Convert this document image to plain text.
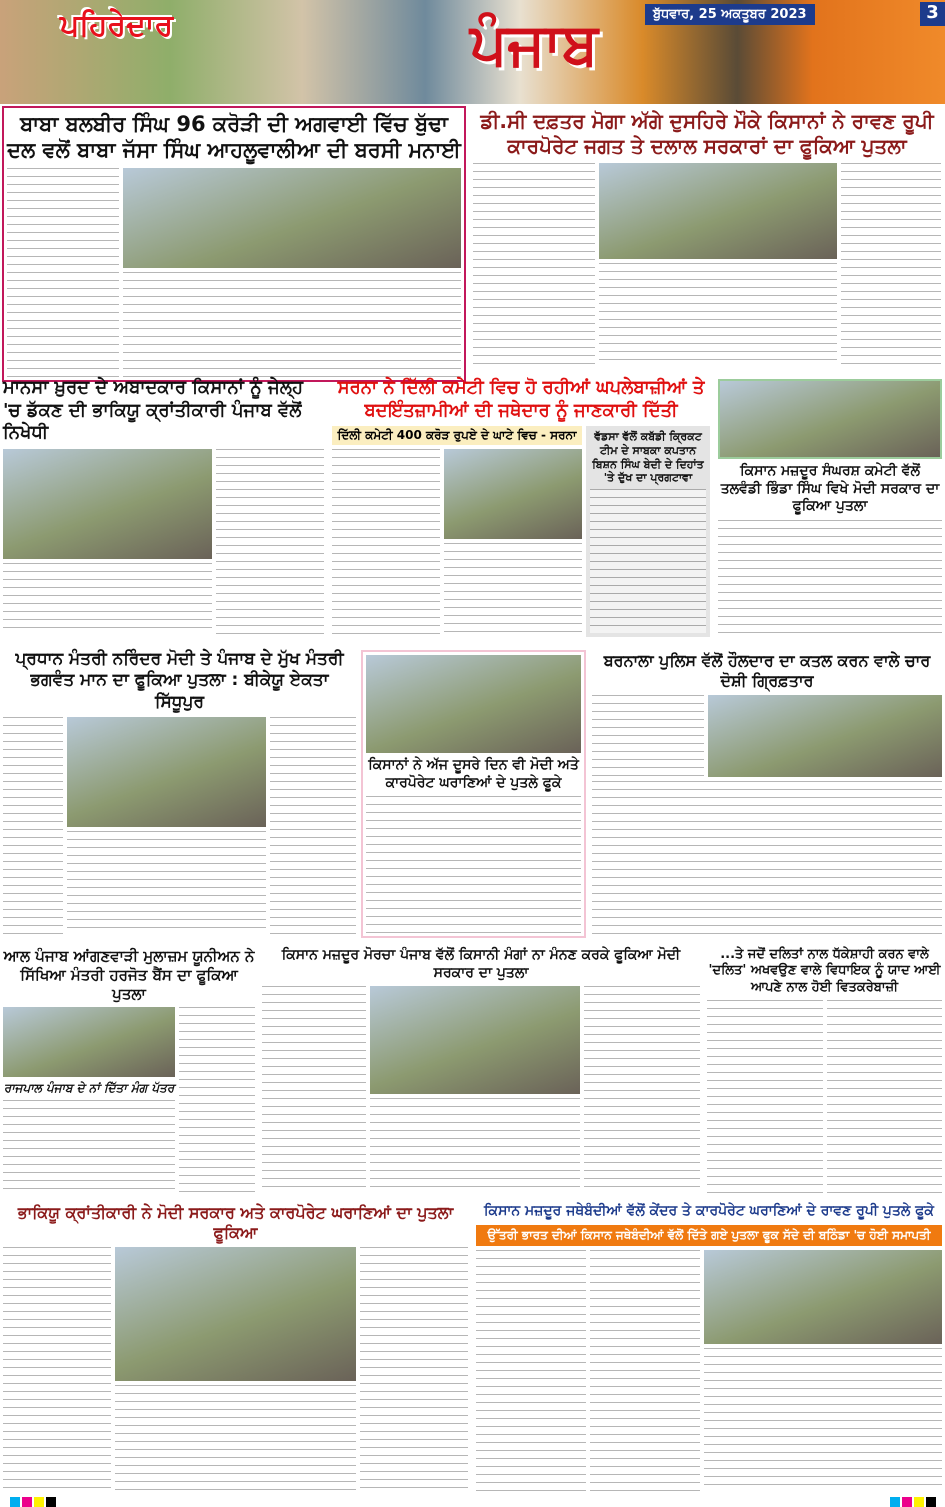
ਪਹਿਰੇਦਾਰ	ਪੰਜਾਬ	ਬੁੱਧਵਾਰ, 25 ਅਕਤੂਬਰ 2023	3
ਬਾਬਾ ਬਲਬੀਰ ਸਿੰਘ 96 ਕਰੋੜੀ ਦੀ ਅਗਵਾਈ ਵਿੱਚ ਬੁੱਢਾ ਦਲ ਵਲੋਂ ਬਾਬਾ ਜੱਸਾ ਸਿੰਘ ਆਹਲੂਵਾਲੀਆ ਦੀ ਬਰਸੀ ਮਨਾਈ
ਡੀ.ਸੀ ਦਫ਼ਤਰ ਮੋਗਾ ਅੱਗੇ ਦੁਸਹਿਰੇ ਮੌਕੇ ਕਿਸਾਨਾਂ ਨੇ ਰਾਵਣ ਰੂਪੀ ਕਾਰਪੋਰੇਟ ਜਗਤ ਤੇ ਦਲਾਲ ਸਰਕਾਰਾਂ ਦਾ ਫੂਕਿਆ ਪੁਤਲਾ
ਮਾਨਸਾ ਖ਼ੁਰਦ ਦੇ ਅਬਾਦਕਾਰ ਕਿਸਾਨਾਂ ਨੂੰ ਜੇਲ੍ਹ 'ਚ ਡੱਕਣ ਦੀ ਭਾਕਿਯੂ ਕ੍ਰਾਂਤੀਕਾਰੀ ਪੰਜਾਬ ਵੱਲੋਂ ਨਿਖੇਧੀ
ਸਰਨਾ ਨੇ ਦਿੱਲੀ ਕਮੇਟੀ ਵਿਚ ਹੋ ਰਹੀਆਂ ਘਪਲੇਬਾਜ਼ੀਆਂ ਤੇ ਬਦਇੰਤਜ਼ਾਮੀਆਂ ਦੀ ਜਥੇਦਾਰ ਨੂੰ ਜਾਣਕਾਰੀ ਦਿੱਤੀ
ਦਿੱਲੀ ਕਮੇਟੀ 400 ਕਰੋੜ ਰੁਪਏ ਦੇ ਘਾਟੇ ਵਿਚ - ਸਰਨਾ	ਵੱਡਸਾ ਵੱਲੋਂ ਕਬੱਡੀ ਕ੍ਰਿਕਟ ਟੀਮ ਦੇ ਸਾਬਕਾ ਕਪਤਾਨ ਬਿਸ਼ਨ ਸਿੰਘ ਬੇਦੀ ਦੇ ਦਿਹਾਂਤ 'ਤੇ ਦੁੱਖ ਦਾ ਪ੍ਰਗਟਾਵਾ	ਕਿਸਾਨ ਮਜ਼ਦੂਰ ਸੰਘਰਸ਼ ਕਮੇਟੀ ਵੱਲੋਂ ਤਲਵੰਡੀ ਭਿੰਡਾ ਸਿੰਘ ਵਿਖੇ ਮੋਦੀ ਸਰਕਾਰ ਦਾ ਫੂਕਿਆ ਪੁਤਲਾ
ਪ੍ਰਧਾਨ ਮੰਤਰੀ ਨਰਿੰਦਰ ਮੋਦੀ ਤੇ ਪੰਜਾਬ ਦੇ ਮੁੱਖ ਮੰਤਰੀ ਭਗਵੰਤ ਮਾਨ ਦਾ ਫੂਕਿਆ ਪੁਤਲਾ : ਬੀਕੇਯੂ ਏਕਤਾ ਸਿੱਧੂਪੁਰ
ਕਿਸਾਨਾਂ ਨੇ ਅੱਜ ਦੂਸਰੇ ਦਿਨ ਵੀ ਮੋਦੀ ਅਤੇ ਕਾਰਪੋਰੇਟ ਘਰਾਣਿਆਂ ਦੇ ਪੁਤਲੇ ਫੂਕੇ
ਬਰਨਾਲਾ ਪੁਲਿਸ ਵੱਲੋਂ ਹੌਲਦਾਰ ਦਾ ਕਤਲ ਕਰਨ ਵਾਲੇ ਚਾਰ ਦੋਸ਼ੀ ਗ੍ਰਿਫ਼ਤਾਰ
ਆਲ ਪੰਜਾਬ ਆਂਗਣਵਾੜੀ ਮੁਲਾਜ਼ਮ ਯੂਨੀਅਨ ਨੇ ਸਿੱਖਿਆ ਮੰਤਰੀ ਹਰਜੋਤ ਬੈਂਸ ਦਾ ਫੂਕਿਆ ਪੁਤਲਾ
ਰਾਜਪਾਲ ਪੰਜਾਬ ਦੇ ਨਾਂ ਦਿੱਤਾ ਮੰਗ ਪੱਤਰ
ਕਿਸਾਨ ਮਜ਼ਦੂਰ ਮੋਰਚਾ ਪੰਜਾਬ ਵੱਲੋਂ ਕਿਸਾਨੀ ਮੰਗਾਂ ਨਾ ਮੰਨਣ ਕਰਕੇ ਫੂਕਿਆ ਮੋਦੀ ਸਰਕਾਰ ਦਾ ਪੁਤਲਾ
...ਤੇ ਜਦੋਂ ਦਲਿਤਾਂ ਨਾਲ ਧੱਕੇਸ਼ਾਹੀ ਕਰਨ ਵਾਲੇ 'ਦਲਿਤ' ਅਖਵਉਣ ਵਾਲੇ ਵਿਧਾਇਕ ਨੂੰ ਯਾਦ ਆਈ ਆਪਣੇ ਨਾਲ ਹੋਈ ਵਿਤਕਰੇਬਾਜ਼ੀ
ਭਾਕਿਯੂ ਕ੍ਰਾਂਤੀਕਾਰੀ ਨੇ ਮੋਦੀ ਸਰਕਾਰ ਅਤੇ ਕਾਰਪੋਰੇਟ ਘਰਾਣਿਆਂ ਦਾ ਪੁਤਲਾ ਫੂਕਿਆ
ਕਿਸਾਨ ਮਜ਼ਦੂਰ ਜਥੇਬੰਦੀਆਂ ਵੱਲੋਂ ਕੇਂਦਰ ਤੇ ਕਾਰਪੋਰੇਟ ਘਰਾਣਿਆਂ ਦੇ ਰਾਵਣ ਰੂਪੀ ਪੁਤਲੇ ਫੂਕੇ
ਉੱਤਰੀ ਭਾਰਤ ਦੀਆਂ ਕਿਸਾਨ ਜਥੇਬੰਦੀਆਂ ਵੱਲੋਂ ਦਿੱਤੇ ਗਏ ਪੁਤਲਾ ਫੂਕ ਸੱਦੇ ਦੀ ਬਠਿੰਡਾ 'ਚ ਹੋਈ ਸਮਾਪਤੀ
